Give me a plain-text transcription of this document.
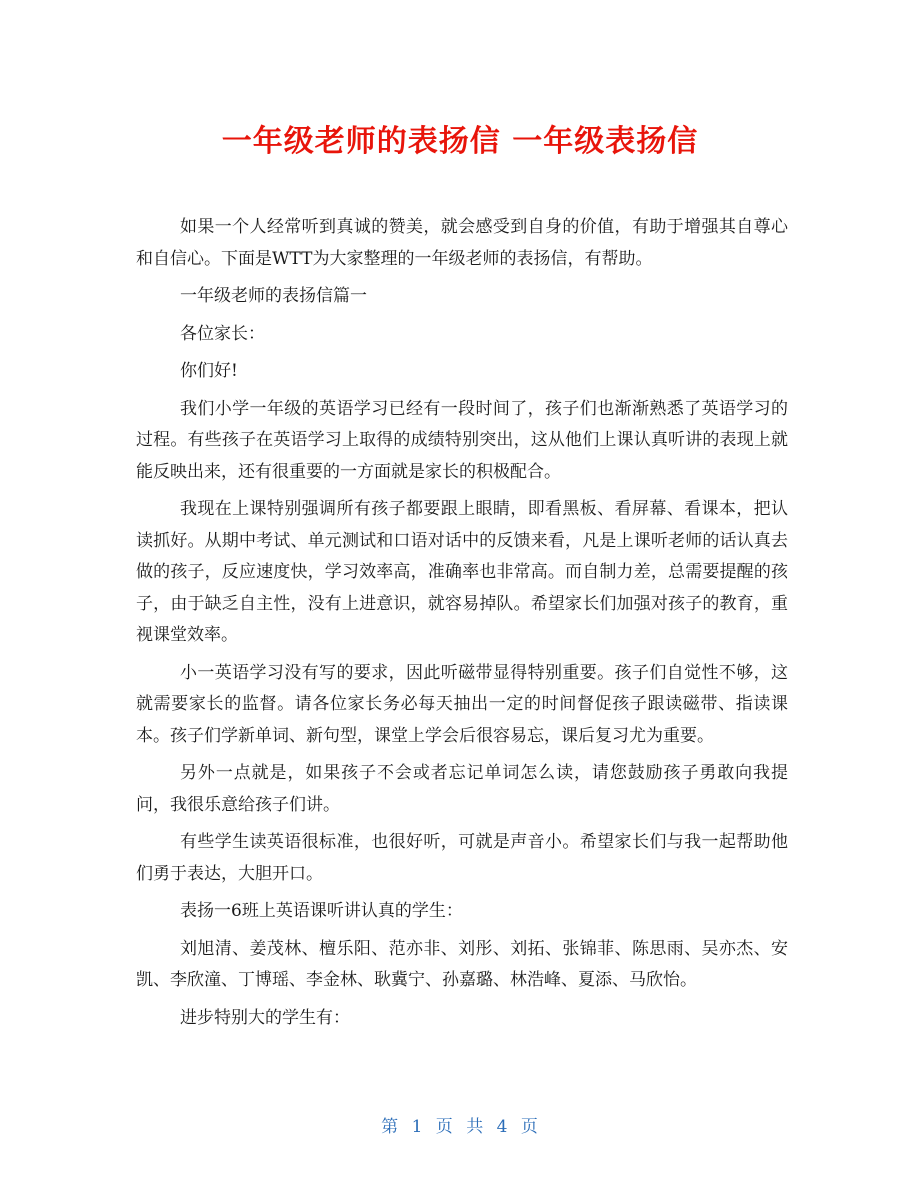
一年级老师的表扬信 一年级表扬信

如果一个人经常听到真诚的赞美，就会感受到自身的价值，有助于增强其自尊心和自信心。下面是WTT为大家整理的一年级老师的表扬信，有帮助。

一年级老师的表扬信篇一

各位家长：

你们好!

我们小学一年级的英语学习已经有一段时间了，孩子们也渐渐熟悉了英语学习的过程。有些孩子在英语学习上取得的成绩特别突出，这从他们上课认真听讲的表现上就能反映出来，还有很重要的一方面就是家长的积极配合。

我现在上课特别强调所有孩子都要跟上眼睛，即看黑板、看屏幕、看课本，把认读抓好。从期中考试、单元测试和口语对话中的反馈来看，凡是上课听老师的话认真去做的孩子，反应速度快，学习效率高，准确率也非常高。而自制力差，总需要提醒的孩子，由于缺乏自主性，没有上进意识，就容易掉队。希望家长们加强对孩子的教育，重视课堂效率。

小一英语学习没有写的要求，因此听磁带显得特别重要。孩子们自觉性不够，这就需要家长的监督。请各位家长务必每天抽出一定的时间督促孩子跟读磁带、指读课本。孩子们学新单词、新句型，课堂上学会后很容易忘，课后复习尤为重要。

另外一点就是，如果孩子不会或者忘记单词怎么读，请您鼓励孩子勇敢向我提问，我很乐意给孩子们讲。

有些学生读英语很标准，也很好听，可就是声音小。希望家长们与我一起帮助他们勇于表达，大胆开口。

表扬一6班上英语课听讲认真的学生：

刘旭清、姜茂林、檀乐阳、范亦非、刘彤、刘拓、张锦菲、陈思雨、吴亦杰、安凯、李欣潼、丁博瑶、李金林、耿冀宁、孙嘉璐、林浩峰、夏添、马欣怡。

进步特别大的学生有：

第 1 页 共 4 页
